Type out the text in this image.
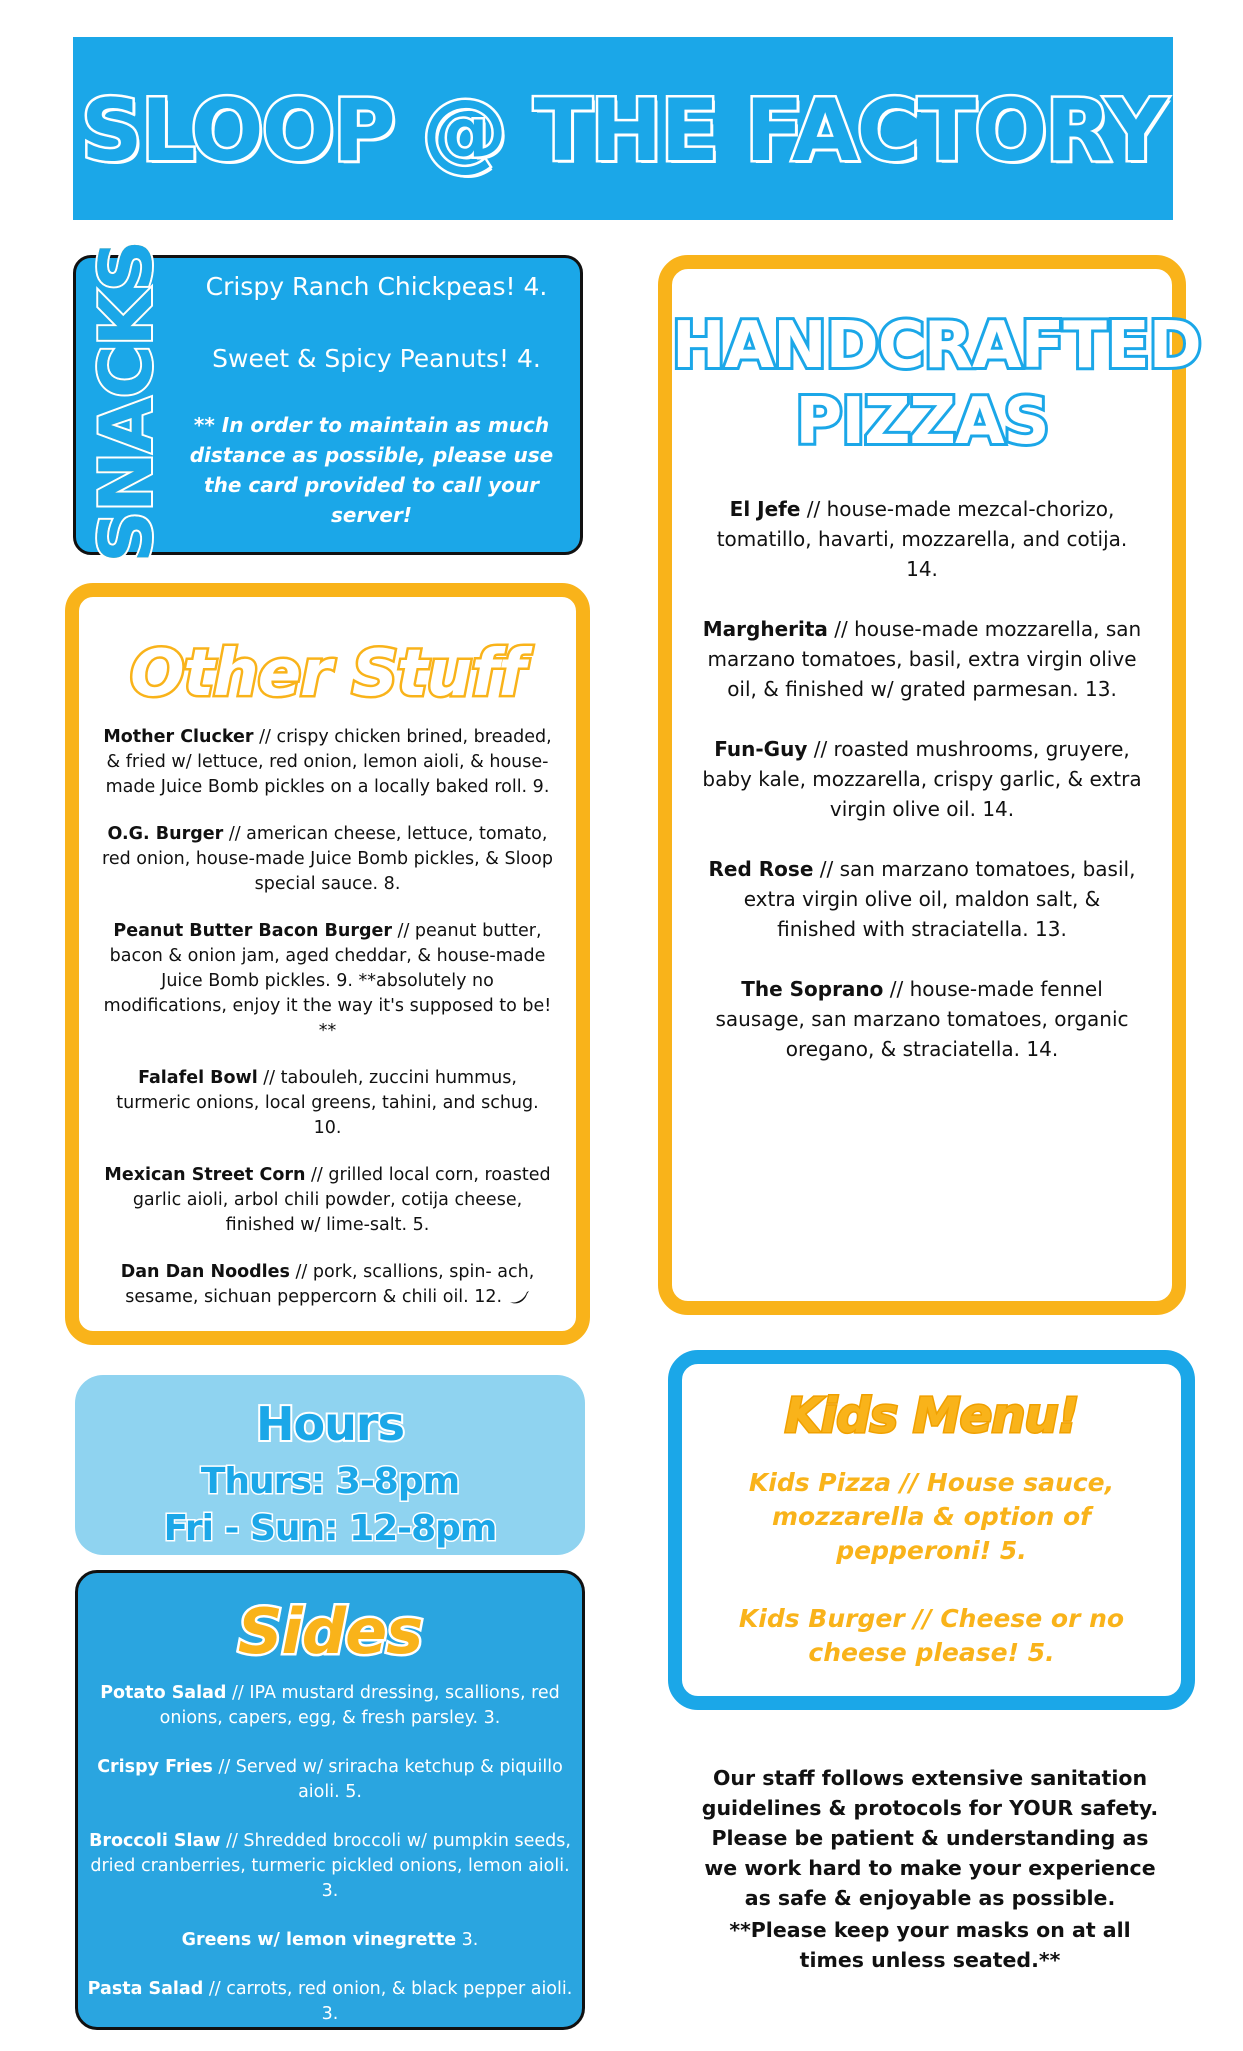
SLOOP @ THE FACTORY
SNACKS	Crispy Ranch Chickpeas! 4.
Sweet & Spicy Peanuts! 4.
** In order to maintain as much distance as possible, please use the card provided to call your server!
Other Stuff
Mother Clucker // crispy chicken brined, breaded, & fried w/ lettuce, red onion, lemon aioli, & house-made Juice Bomb pickles on a locally baked roll. 9.
O.G. Burger // american cheese, lettuce, tomato, red onion, house-made Juice Bomb pickles, & Sloop special sauce. 8.
Peanut Butter Bacon Burger // peanut butter, bacon & onion jam, aged cheddar, & house-made Juice Bomb pickles. 9. **absolutely no modifications, enjoy it the way it's supposed to be! **
Falafel Bowl // tabouleh, zuccini hummus, turmeric onions, local greens, tahini, and schug. 10.
Mexican Street Corn // grilled local corn, roasted garlic aioli, arbol chili powder, cotija cheese, finished w/ lime-salt. 5.
Dan Dan Noodles // pork, scallions, spin- ach, sesame, sichuan peppercorn & chili oil. 12.
HANDCRAFTED
PIZZAS
El Jefe // house-made mezcal-chorizo, tomatillo, havarti, mozzarella, and cotija. 14.
Margherita // house-made mozzarella, san marzano tomatoes, basil, extra virgin olive oil, & finished w/ grated parmesan. 13.
Fun-Guy // roasted mushrooms, gruyere, baby kale, mozzarella, crispy garlic, & extra virgin olive oil. 14.
Red Rose // san marzano tomatoes, basil, extra virgin olive oil, maldon salt, & finished with straciatella. 13.
The Soprano // house-made fennel sausage, san marzano tomatoes, organic oregano, & straciatella. 14.
Hours
Thurs: 3-8pm
Fri - Sun: 12-8pm
Sides
Potato Salad // IPA mustard dressing, scallions, red onions, capers, egg, & fresh parsley. 3.
Crispy Fries // Served w/ sriracha ketchup & piquillo aioli. 5.
Broccoli Slaw // Shredded broccoli w/ pumpkin seeds, dried cranberries, turmeric pickled onions, lemon aioli. 3.
Greens w/ lemon vinegrette 3.
Pasta Salad // carrots, red onion, & black pepper aioli. 3.
Kids Menu!
Kids Pizza // House sauce, mozzarella & option of pepperoni! 5.
Kids Burger // Cheese or no cheese please! 5.
Our staff follows extensive sanitation guidelines & protocols for YOUR safety. Please be patient & understanding as we work hard to make your experience as safe & enjoyable as possible.
**Please keep your masks on at all times unless seated.**
